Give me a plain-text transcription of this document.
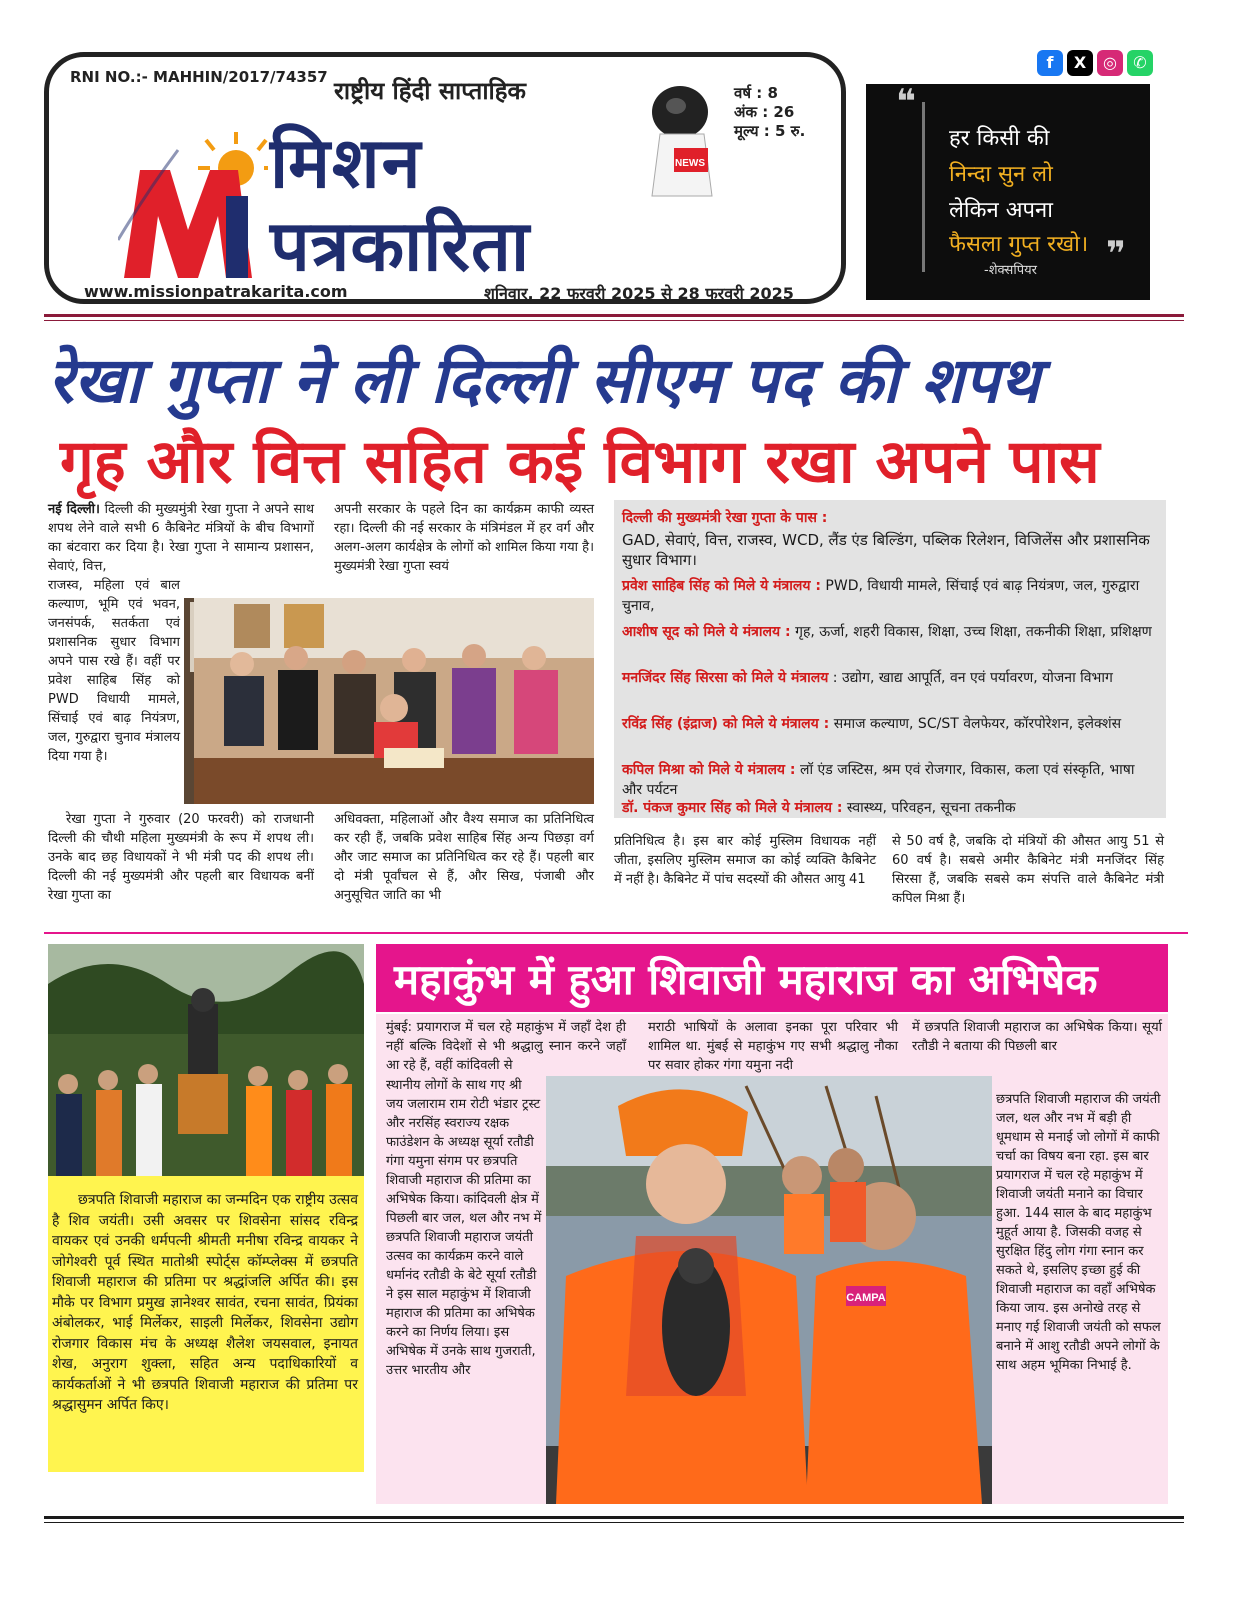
RNI NO.:- MAHHIN/2017/74357 राष्ट्रीय हिंदी साप्ताहिक
मिशन
पत्रकारिता
NEWS
वर्ष : 8
अंक : 26
मूल्य : 5 रु.
www.missionpatrakarita.com	शनिवार, 22 फरवरी 2025 से 28 फरवरी 2025
f	X	◎	✆
❝
हर किसी की
निन्दा सुन लो
लेकिन अपना
फैसला गुप्त रखो। ❞
-शेक्सपियर
रेखा गुप्ता ने ली दिल्ली सीएम पद की शपथ
गृह और वित्त सहित कई विभाग रखा अपने पास
नई दिल्ली। दिल्ली की मुख्यमुंत्री रेखा गुप्ता ने अपने साथ शपथ लेने वाले सभी 6 कैबिनेट मंत्रियों के बीच विभागों का बंटवारा कर दिया है। रेखा गुप्ता ने सामान्य प्रशासन, सेवाएं, वित्त,
राजस्व, महिला एवं बाल कल्याण, भूमि एवं भवन, जनसंपर्क, सतर्कता एवं प्रशासनिक सुधार विभाग अपने पास रखे हैं। वहीं पर प्रवेश साहिब सिंह को PWD विधायी मामले, सिंचाई एवं बाढ़ नियंत्रण, जल, गुरुद्वारा चुनाव मंत्रालय दिया गया है।
रेखा गुप्ता ने गुरुवार (20 फरवरी) को राजधानी दिल्ली की चौथी महिला मुख्यमंत्री के रूप में शपथ ली। उनके बाद छह विधायकों ने भी मंत्री पद की शपथ ली। दिल्ली की नई मुख्यमंत्री और पहली बार विधायक बनीं रेखा गुप्ता का
अपनी सरकार के पहले दिन का कार्यक्रम काफी व्यस्त रहा। दिल्ली की नई सरकार के मंत्रिमंडल में हर वर्ग और अलग-अलग कार्यक्षेत्र के लोगों को शामिल किया गया है। मुख्यमंत्री रेखा गुप्ता स्वयं
अधिवक्ता, महिलाओं और वैश्य समाज का प्रतिनिधित्व कर रही हैं, जबकि प्रवेश साहिब सिंह अन्य पिछड़ा वर्ग और जाट समाज का प्रतिनिधित्व कर रहे हैं। पहली बार दो मंत्री पूर्वांचल से हैं, और सिख, पंजाबी और अनुसूचित जाति का भी
दिल्ली की मुख्यमंत्री रेखा गुप्ता के पास :
GAD, सेवाएं, वित्त, राजस्व, WCD, लैंड एंड बिल्डिंग, पब्लिक रिलेशन, विजिलेंस और प्रशासनिक सुधार विभाग।
प्रवेश साहिब सिंह को मिले ये मंत्रालय : PWD, विधायी मामले, सिंचाई एवं बाढ़ नियंत्रण, जल, गुरुद्वारा चुनाव,
आशीष सूद को मिले ये मंत्रालय : गृह, ऊर्जा, शहरी विकास, शिक्षा, उच्च शिक्षा, तकनीकी शिक्षा, प्रशिक्षण
मनजिंदर सिंह सिरसा को मिले ये मंत्रालय : उद्योग, खाद्य आपूर्ति, वन एवं पर्यावरण, योजना विभाग
रविंद्र सिंह (इंद्राज) को मिले ये मंत्रालय : समाज कल्याण, SC/ST वेलफेयर, कॉरपोरेशन, इलेक्शंस
कपिल मिश्रा को मिले ये मंत्रालय : लॉ एंड जस्टिस, श्रम एवं रोजगार, विकास, कला एवं संस्कृति, भाषा और पर्यटन
डॉ. पंकज कुमार सिंह को मिले ये मंत्रालय : स्वास्थ्य, परिवहन, सूचना तकनीक
प्रतिनिधित्व है। इस बार कोई मुस्लिम विधायक नहीं जीता, इसलिए मुस्लिम समाज का कोई व्यक्ति कैबिनेट में नहीं है। कैबिनेट में पांच सदस्यों की औसत आयु 41
से 50 वर्ष है, जबकि दो मंत्रियों की औसत आयु 51 से 60 वर्ष है। सबसे अमीर कैबिनेट मंत्री मनजिंदर सिंह सिरसा हैं, जबकि सबसे कम संपत्ति वाले कैबिनेट मंत्री कपिल मिश्रा हैं।
छत्रपति शिवाजी महाराज का जन्मदिन एक राष्ट्रीय उत्सव है शिव जयंती। उसी अवसर पर शिवसेना सांसद रविन्द्र वायकर एवं उनकी धर्मपत्नी श्रीमती मनीषा रविन्द्र वायकर ने जोगेश्वरी पूर्व स्थित मातोश्री स्पोर्ट्स कॉम्प्लेक्स में छत्रपति शिवाजी महाराज की प्रतिमा पर श्रद्धांजलि अर्पित की। इस मौके पर विभाग प्रमुख ज्ञानेश्वर सावंत, रचना सावंत, प्रियंका अंबोलकर, भाई मिर्लेकर, साइली मिर्लेकर, शिवसेना उद्योग रोजगार विकास मंच के अध्यक्ष शैलेश जयसवाल, इनायत शेख, अनुराग शुक्ला, सहित अन्य पदाधिकारियों व कार्यकर्ताओं ने भी छत्रपति शिवाजी महाराज की प्रतिमा पर श्रद्धासुमन अर्पित किए।
महाकुंभ में हुआ शिवाजी महाराज का अभिषेक
मुंबई: प्रयागराज में चल रहे महाकुंभ में जहाँ देश ही नहीं बल्कि विदेशों से भी श्रद्धालु स्नान करने जहाँ आ रहे हैं, वहीं कांदिवली से
मराठी भाषियों के अलावा इनका पूरा परिवार भी शामिल था. मुंबई से महाकुंभ गए सभी श्रद्धालु नौका पर सवार होकर गंगा यमुना नदी
में छत्रपति शिवाजी महाराज का अभिषेक किया। सूर्या रतौडी ने बताया की पिछली बार
स्थानीय लोगों के साथ गए श्री जय जलाराम राम रोटी भंडार ट्रस्ट और नरसिंह स्वराज्य रक्षक फाउंडेशन के अध्यक्ष सूर्या रतौडी गंगा यमुना संगम पर छत्रपति शिवाजी महाराज की प्रतिमा का अभिषेक किया। कांदिवली क्षेत्र में पिछली बार जल, थल और नभ में छत्रपति शिवाजी महाराज जयंती उत्सव का कार्यक्रम करने वाले धर्मानंद रतौडी के बेटे सूर्या रतौडी ने इस साल महाकुंभ में शिवाजी महाराज की प्रतिमा का अभिषेक करने का निर्णय लिया। इस अभिषेक में उनके साथ गुजराती, उत्तर भारतीय और
CAMPA
छत्रपति शिवाजी महाराज की जयंती जल, थल और नभ में बड़ी ही धूमधाम से मनाई जो लोगों में काफी चर्चा का विषय बना रहा. इस बार प्रयागराज में चल रहे महाकुंभ में शिवाजी जयंती मनाने का विचार हुआ. 144 साल के बाद महाकुंभ मुहूर्त आया है. जिसकी वजह से सुरक्षित हिंदु लोग गंगा स्नान कर सकते थे, इसलिए इच्छा हुई की शिवाजी महाराज का वहाँ अभिषेक किया जाय. इस अनोखे तरह से मनाए गई शिवाजी जयंती को सफल बनाने में आशु रतौडी अपने लोगों के साथ अहम भूमिका निभाई है.
